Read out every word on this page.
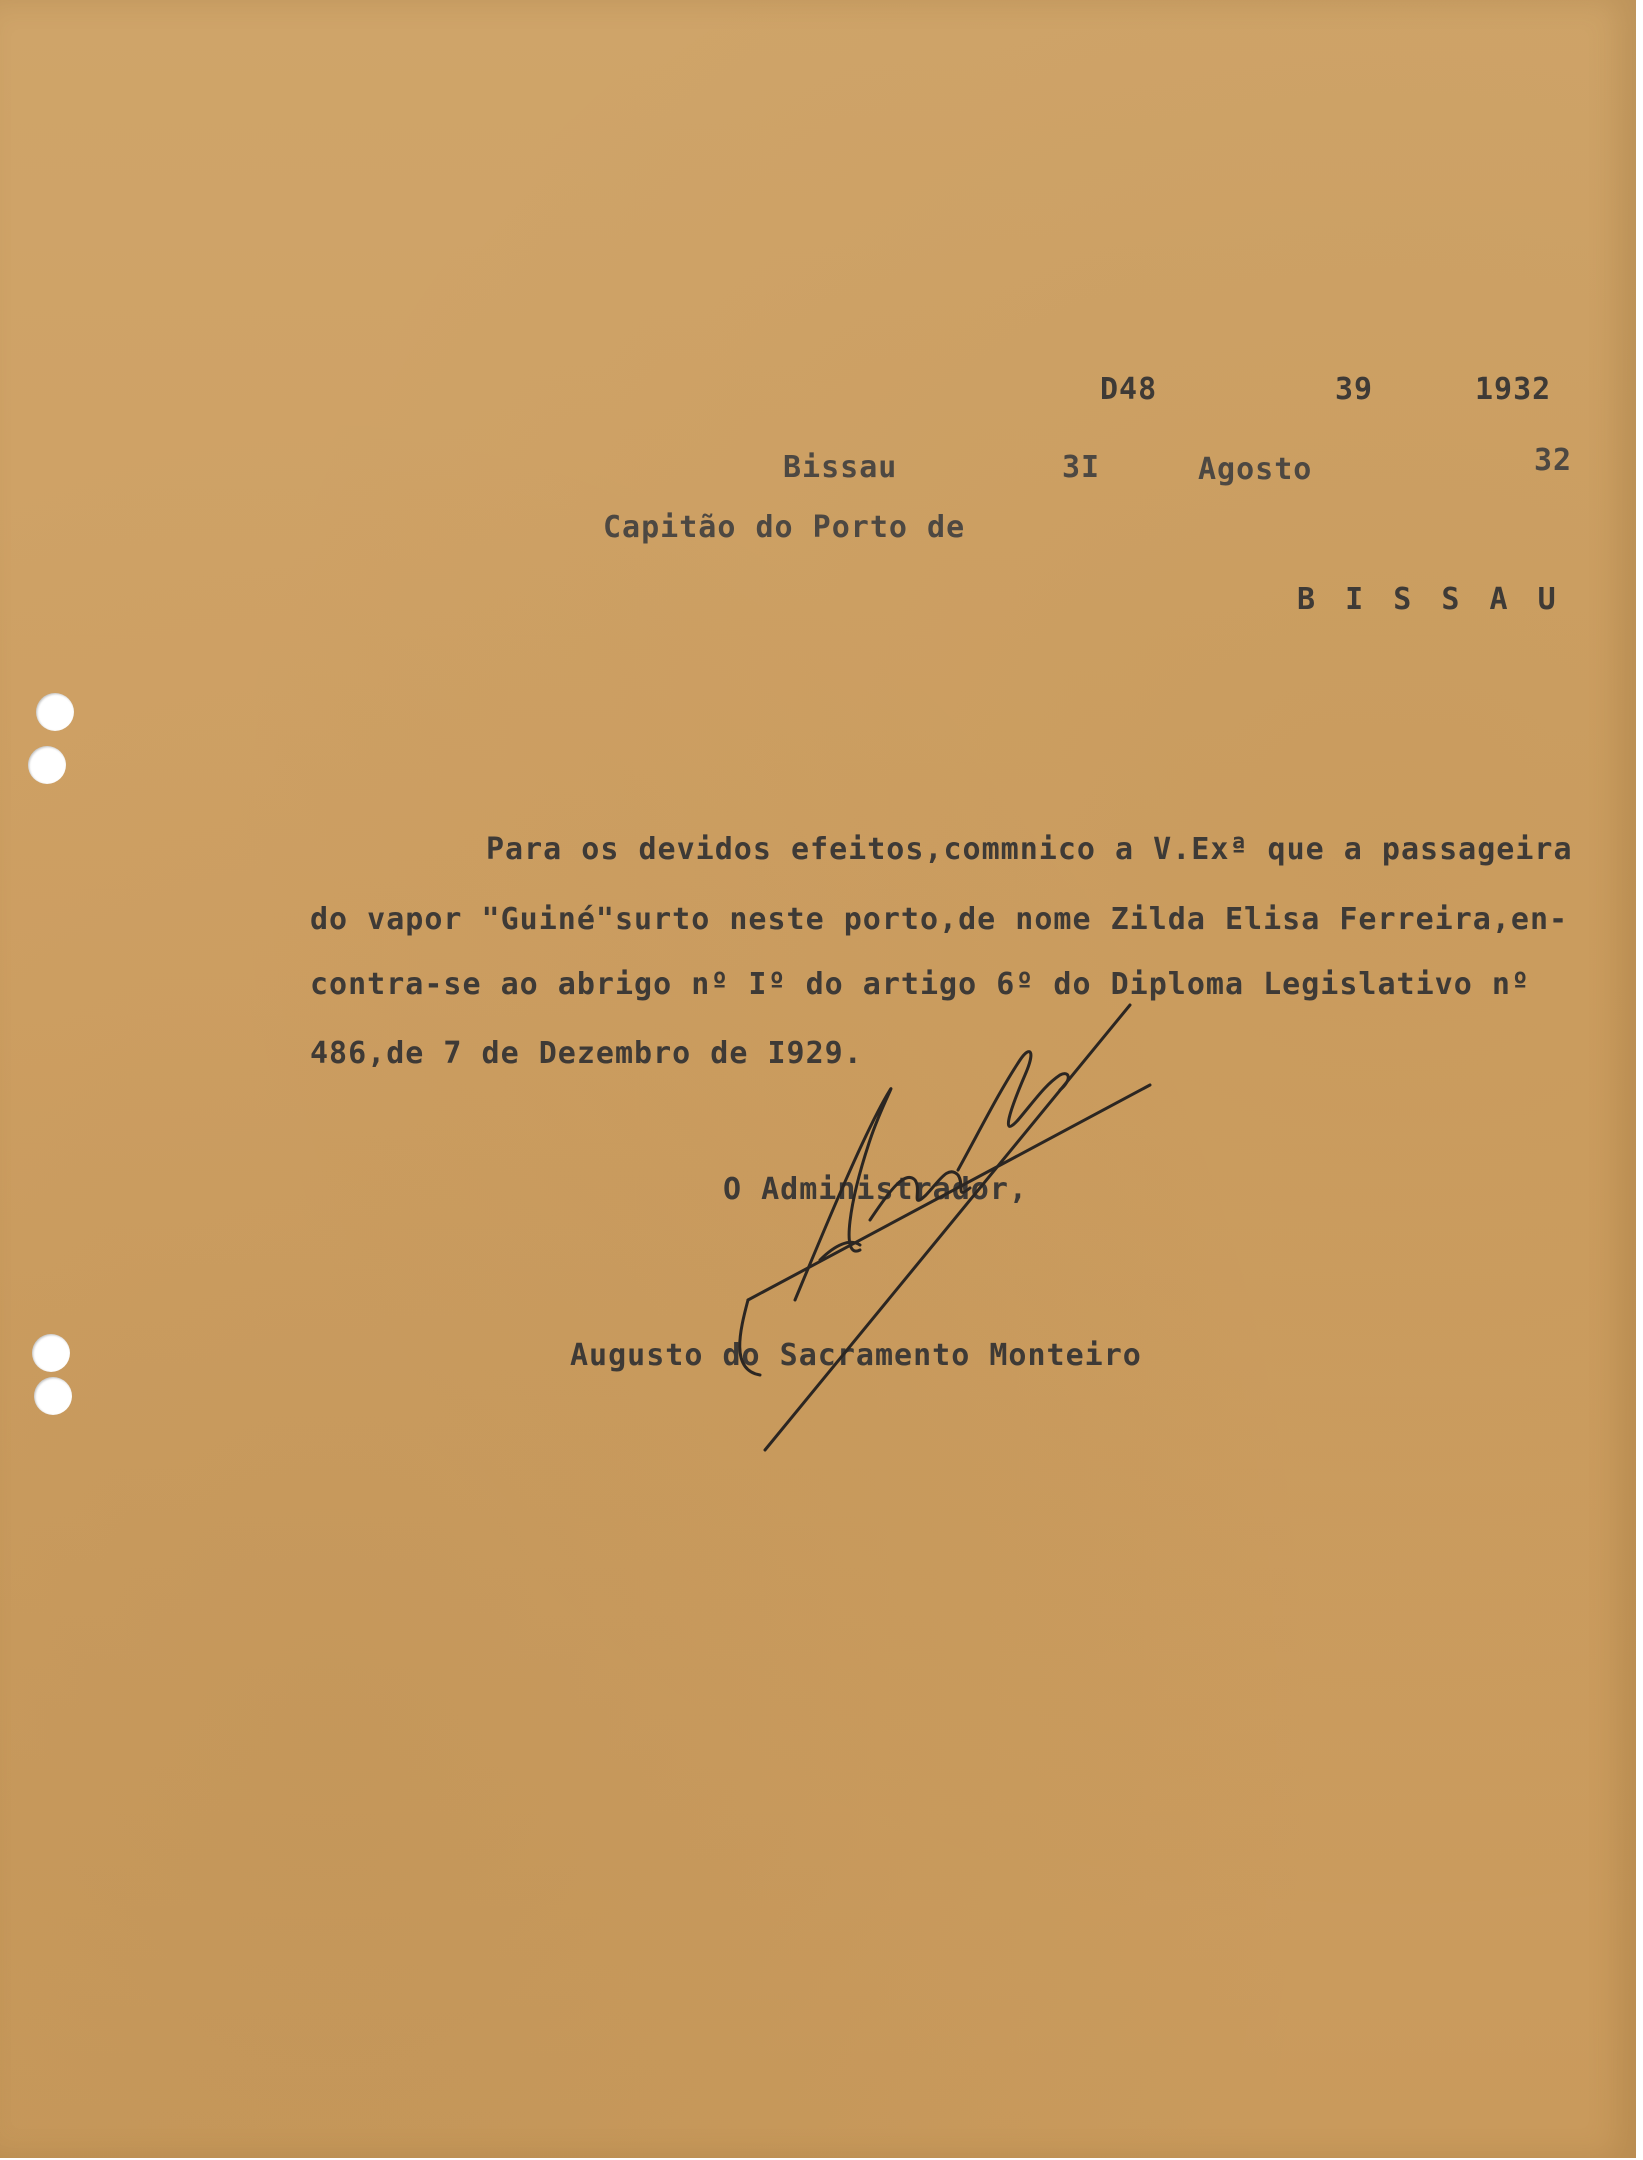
D48	39	1932
Bissau	3I	Agosto	32
Capitão do Porto de
B I S S A U
Para os devidos efeitos,commnico a V.Exª que a passageira
do vapor "Guiné"surto neste porto,de nome Zilda Elisa Ferreira,en-
contra-se ao abrigo nº Iº do artigo 6º do Diploma Legislativo nº
486,de 7 de Dezembro de I929.
O Administrador,
Augusto do Sacramento Monteiro
